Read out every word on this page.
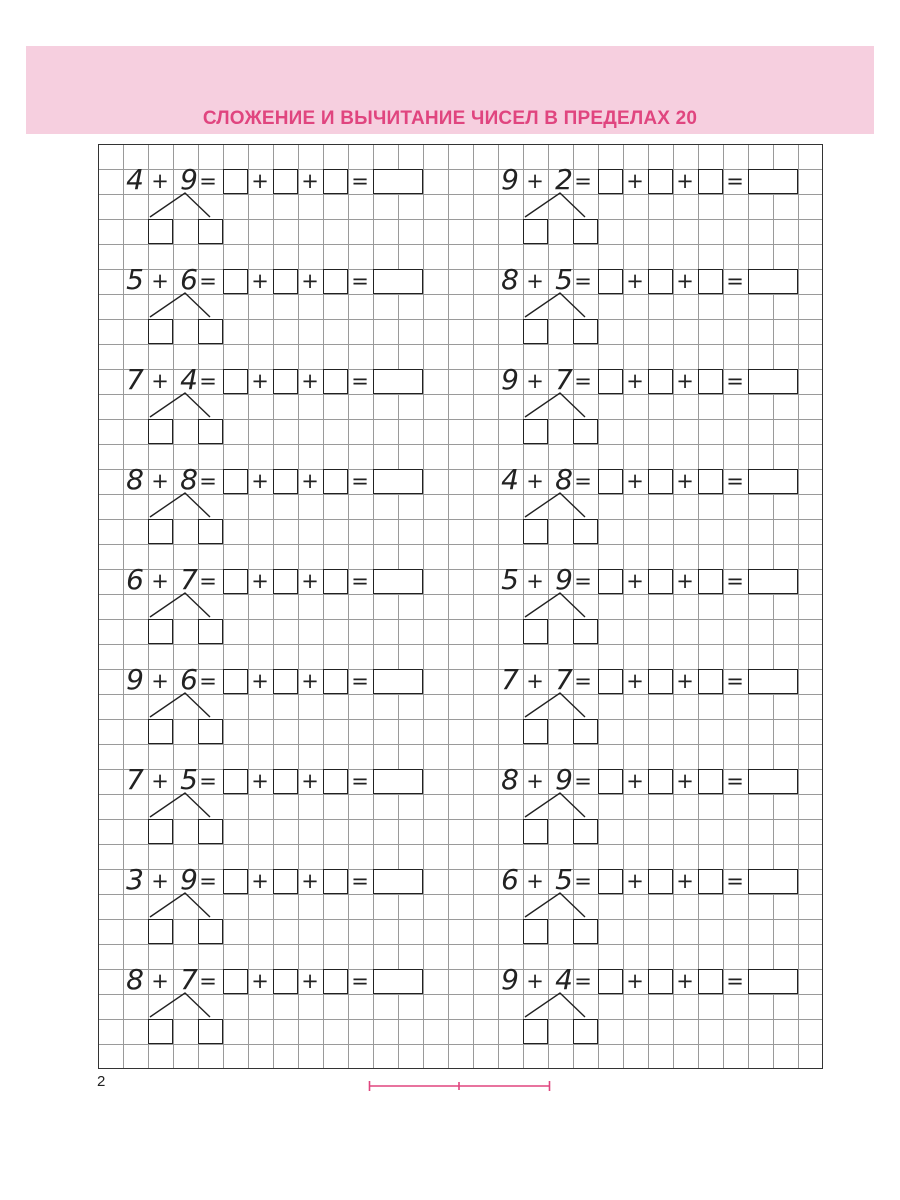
СЛОЖЕНИЕ И ВЫЧИТАНИЕ ЧИСЕЛ В ПРЕДЕЛАХ 20
4 + 9 = + + =
5 + 6 = + + =
7 + 4 = + + =
8 + 8 = + + =
6 + 7 = + + =
9 + 6 = + + =
7 + 5 = + + =
3 + 9 = + + =
8 + 7 = + + =
9 + 2 = + + =
8 + 5 = + + =
9 + 7 = + + =
4 + 8 = + + =
5 + 9 = + + =
7 + 7 = + + =
8 + 9 = + + =
6 + 5 = + + =
9 + 4 = + + =
2
